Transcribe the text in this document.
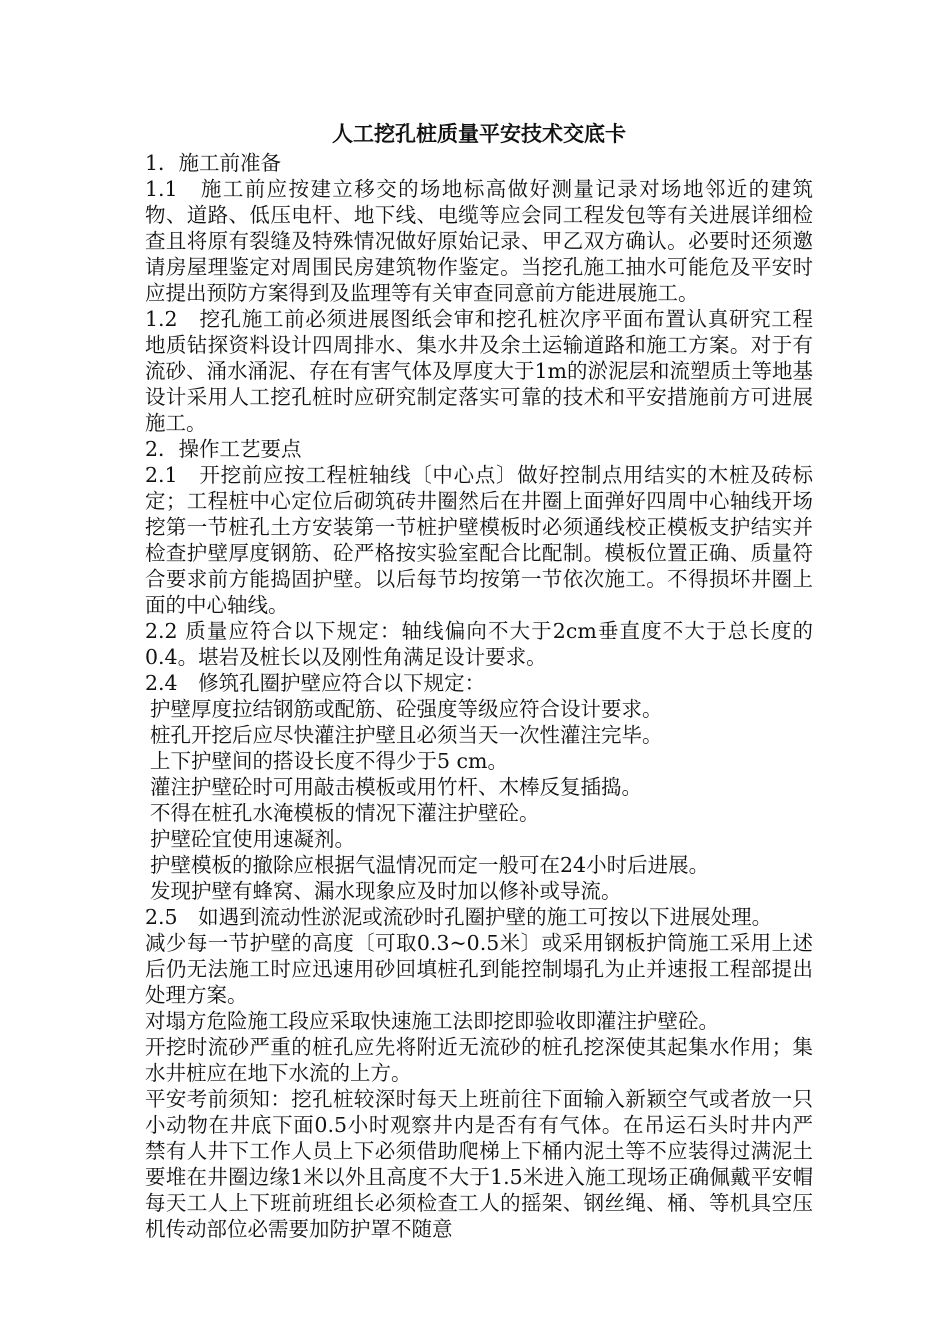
人工挖孔桩质量平安技术交底卡

1．施工前准备

1.1　施工前应按建立移交的场地标高做好测量记录对场地邻近的建筑物、道路、低压电杆、地下线、电缆等应会同工程发包等有关进展详细检查且将原有裂缝及特殊情况做好原始记录、甲乙双方确认。必要时还须邀请房屋理鉴定对周围民房建筑物作鉴定。当挖孔施工抽水可能危及平安时应提出预防方案得到及监理等有关审查同意前方能进展施工。

1.2　挖孔施工前必须进展图纸会审和挖孔桩次序平面布置认真研究工程地质钻探资料设计四周排水、集水井及余土运输道路和施工方案。对于有流砂、涌水涌泥、存在有害气体及厚度大于1m的淤泥层和流塑质土等地基设计采用人工挖孔桩时应研究制定落实可靠的技术和平安措施前方可进展施工。

2．操作工艺要点

2.1　开挖前应按工程桩轴线〔中心点〕做好控制点用结实的木桩及砖标定；工程桩中心定位后砌筑砖井圈然后在井圈上面弹好四周中心轴线开场挖第一节桩孔土方安装第一节桩护壁模板时必须通线校正模板支护结实并检查护壁厚度钢筋、砼严格按实验室配合比配制。模板位置正确、质量符合要求前方能捣固护壁。以后每节均按第一节依次施工。不得损坏井圈上面的中心轴线。

2.2 质量应符合以下规定：轴线偏向不大于2cm垂直度不大于总长度的0.4。堪岩及桩长以及刚性角满足设计要求。

2.4　修筑孔圈护壁应符合以下规定：

护壁厚度拉结钢筋或配筋、砼强度等级应符合设计要求。

桩孔开挖后应尽快灌注护壁且必须当天一次性灌注完毕。

上下护壁间的搭设长度不得少于5 cm。

灌注护壁砼时可用敲击模板或用竹杆、木棒反复插捣。

不得在桩孔水淹模板的情况下灌注护壁砼。

护壁砼宜使用速凝剂。

护壁模板的撤除应根据气温情况而定一般可在24小时后进展。

发现护壁有蜂窝、漏水现象应及时加以修补或导流。

2.5　如遇到流动性淤泥或流砂时孔圈护壁的施工可按以下进展处理。

减少每一节护壁的高度〔可取0.3~0.5米〕或采用钢板护筒施工采用上述后仍无法施工时应迅速用砂回填桩孔到能控制塌孔为止并速报工程部提出处理方案。

对塌方危险施工段应采取快速施工法即挖即验收即灌注护壁砼。

开挖时流砂严重的桩孔应先将附近无流砂的桩孔挖深使其起集水作用；集水井桩应在地下水流的上方。

平安考前须知：挖孔桩较深时每天上班前往下面输入新颖空气或者放一只小动物在井底下面0.5小时观察井内是否有有气体。在吊运石头时井内严禁有人井下工作人员上下必须借助爬梯上下桶内泥土等不应装得过满泥土要堆在井圈边缘1米以外且高度不大于1.5米进入施工现场正确佩戴平安帽每天工人上下班前班组长必须检查工人的摇架、钢丝绳、桶、等机具空压机传动部位必需要加防护罩不随意
